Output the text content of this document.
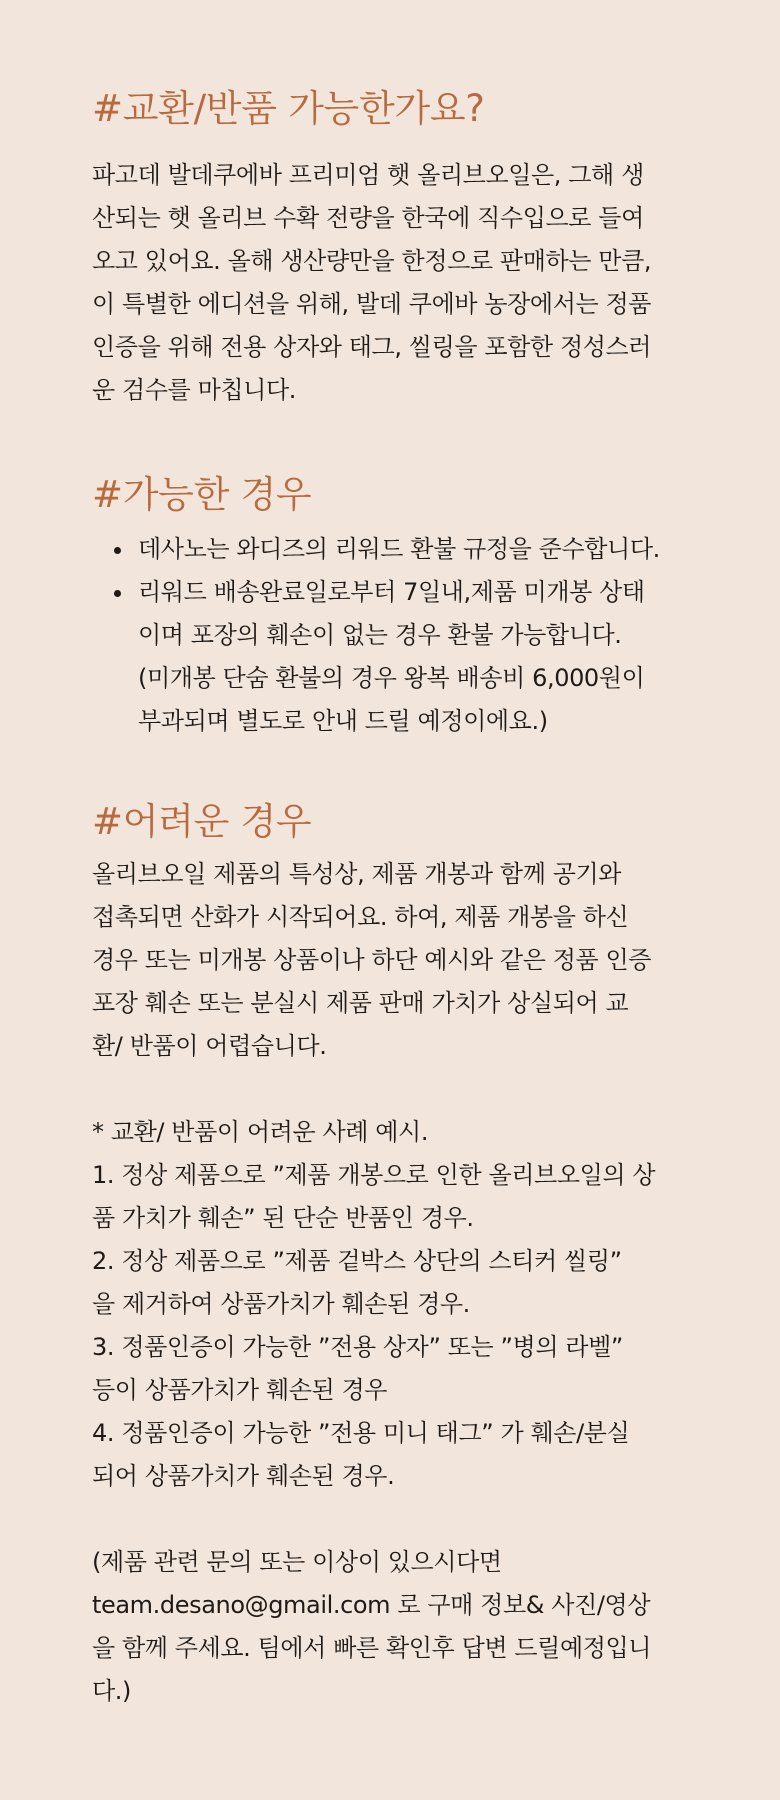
#교환/반품 가능한가요?

파고데 발데쿠에바 프리미엄 햇 올리브오일은, 그해 생
산되는 햇 올리브 수확 전량을 한국에 직수입으로 들여
오고 있어요. 올해 생산량만을 한정으로 판매하는 만큼,
이 특별한 에디션을 위해, 발데 쿠에바 농장에서는 정품
인증을 위해 전용 상자와 태그, 씰링을 포함한 정성스러
운 검수를 마칩니다.

#가능한 경우
데사노는 와디즈의 리워드 환불 규정을 준수합니다.
리워드 배송완료일로부터 7일내,제품 미개봉 상태
이며 포장의 훼손이 없는 경우 환불 가능합니다.
(미개봉 단숨 환불의 경우 왕복 배송비 6,000원이
부과되며 별도로 안내 드릴 예정이에요.)
#어려운 경우

올리브오일 제품의 특성상, 제품 개봉과 함께 공기와
접촉되면 산화가 시작되어요. 하여, 제품 개봉을 하신
경우 또는 미개봉 상품이나 하단 예시와 같은 정품 인증
포장 훼손 또는 분실시 제품 판매 가치가 상실되어 교
환/ 반품이 어렵습니다.

* 교환/ 반품이 어려운 사례 예시.
1. 정상 제품으로 ”제품 개봉으로 인한 올리브오일의 상
품 가치가 훼손” 된 단순 반품인 경우.
2. 정상 제품으로 ”제품 겉박스 상단의 스티커 씰링”
을 제거하여 상품가치가 훼손된 경우.
3. 정품인증이 가능한 ”전용 상자” 또는 ”병의 라벨”
등이 상품가치가 훼손된 경우
4. 정품인증이 가능한 ”전용 미니 태그” 가 훼손/분실
되어 상품가치가 훼손된 경우.

(제품 관련 문의 또는 이상이 있으시다면
team.desano@gmail.com 로 구매 정보& 사진/영상
을 함께 주세요. 팀에서 빠른 확인후 답변 드릴예정입니
다.)
